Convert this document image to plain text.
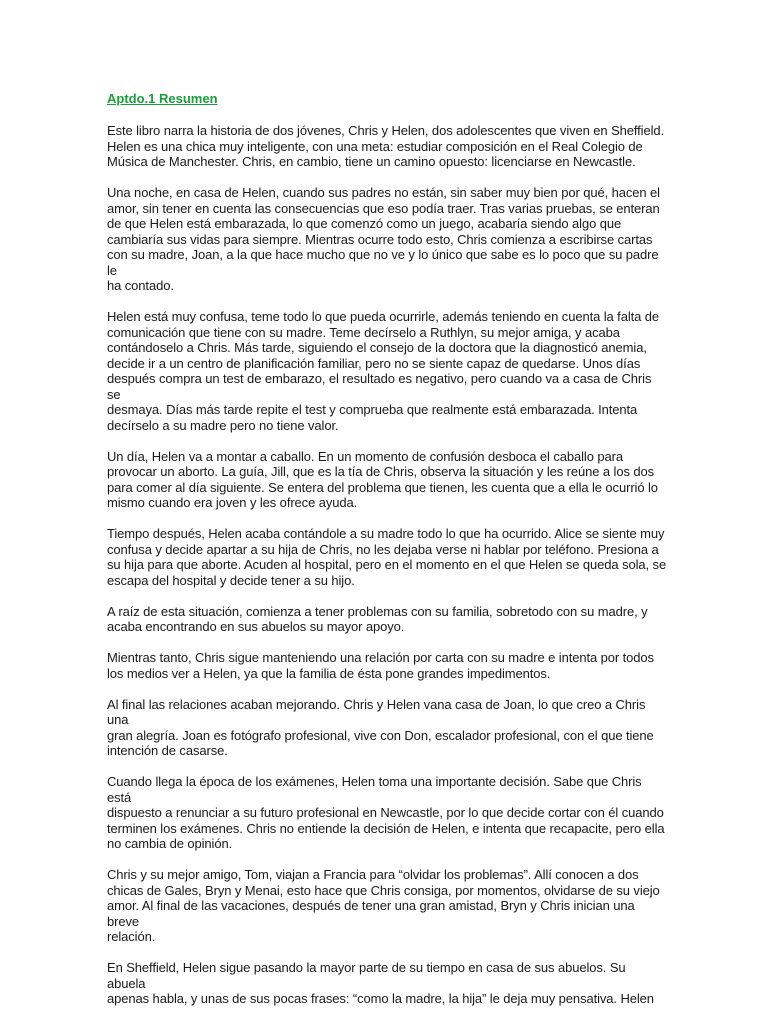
Aptdo.1 Resumen

Este libro narra la historia de dos jóvenes, Chris y Helen, dos adolescentes que viven en Sheffield.
Helen es una chica muy inteligente, con una meta: estudiar composición en el Real Colegio de
Música de Manchester. Chris, en cambio, tiene un camino opuesto: licenciarse en Newcastle.

Una noche, en casa de Helen, cuando sus padres no están, sin saber muy bien por qué, hacen el
amor, sin tener en cuenta las consecuencias que eso podía traer. Tras varias pruebas, se enteran
de que Helen está embarazada, lo que comenzó como un juego, acabaría siendo algo que
cambiaría sus vidas para siempre. Mientras ocurre todo esto, Chris comienza a escribirse cartas
con su madre, Joan, a la que hace mucho que no ve y lo único que sabe es lo poco que su padre le
ha contado.

Helen está muy confusa, teme todo lo que pueda ocurrirle, además teniendo en cuenta la falta de
comunicación que tiene con su madre. Teme decírselo a Ruthlyn, su mejor amiga, y acaba
contándoselo a Chris. Más tarde, siguiendo el consejo de la doctora que la diagnosticó anemia,
decide ir a un centro de planificación familiar, pero no se siente capaz de quedarse. Unos días
después compra un test de embarazo, el resultado es negativo, pero cuando va a casa de Chris se
desmaya. Días más tarde repite el test y comprueba que realmente está embarazada. Intenta
decírselo a su madre pero no tiene valor.

Un día, Helen va a montar a caballo. En un momento de confusión desboca el caballo para
provocar un aborto. La guía, Jill, que es la tía de Chris, observa la situación y les reúne a los dos
para comer al día siguiente. Se entera del problema que tienen, les cuenta que a ella le ocurrió lo
mismo cuando era joven y les ofrece ayuda.

Tiempo después, Helen acaba contándole a su madre todo lo que ha ocurrido. Alice se siente muy
confusa y decide apartar a su hija de Chris, no les dejaba verse ni hablar por teléfono. Presiona a
su hija para que aborte. Acuden al hospital, pero en el momento en el que Helen se queda sola, se
escapa del hospital y decide tener a su hijo.

A raíz de esta situación, comienza a tener problemas con su familia, sobretodo con su madre, y
acaba encontrando en sus abuelos su mayor apoyo.

Mientras tanto, Chris sigue manteniendo una relación por carta con su madre e intenta por todos
los medios ver a Helen, ya que la familia de ésta pone grandes impedimentos.

Al final las relaciones acaban mejorando. Chris y Helen vana casa de Joan, lo que creo a Chris una
gran alegría. Joan es fotógrafo profesional, vive con Don, escalador profesional, con el que tiene
intención de casarse.

Cuando llega la época de los exámenes, Helen toma una importante decisión. Sabe que Chris está
dispuesto a renunciar a su futuro profesional en Newcastle, por lo que decide cortar con él cuando
terminen los exámenes. Chris no entiende la decisión de Helen, e intenta que recapacite, pero ella
no cambia de opinión.

Chris y su mejor amigo, Tom, viajan a Francia para “olvidar los problemas”. Allí conocen a dos
chicas de Gales, Bryn y Menai, esto hace que Chris consiga, por momentos, olvidarse de su viejo
amor. Al final de las vacaciones, después de tener una gran amistad, Bryn y Chris inician una breve
relación.

En Sheffield, Helen sigue pasando la mayor parte de su tiempo en casa de sus abuelos. Su abuela
apenas habla, y unas de sus pocas frases: “como la madre, la hija” le deja muy pensativa. Helen
